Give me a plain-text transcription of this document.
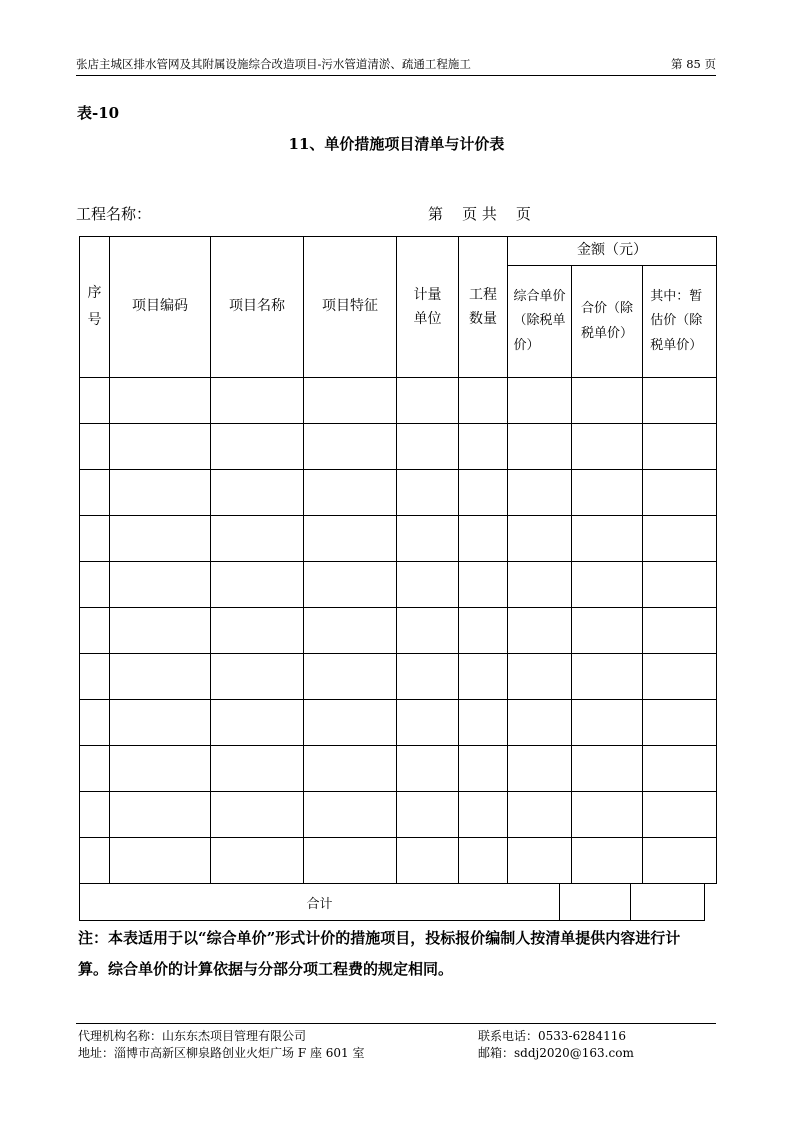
张店主城区排水管网及其附属设施综合改造项目-污水管道清淤、疏通工程施工	第 85 页
表-10
11、单价措施项目清单与计价表
工程名称：	第    页 共    页
序号	项目编码	项目名称	项目特征	计量单位	工程数量	金额（元）		

						综合单价（除税单价）	合价（除税单价）	其中：暂估价（除税单价）

合计		
注：本表适用于以“综合单价”形式计价的措施项目，投标报价编制人按清单提供内容进行计算。综合单价的计算依据与分部分项工程费的规定相同。
代理机构名称：山东东杰项目管理有限公司	联系电话：0533-6284116
地址：淄博市高新区柳泉路创业火炬广场 F 座 601 室	邮箱：sddj2020@163.com
